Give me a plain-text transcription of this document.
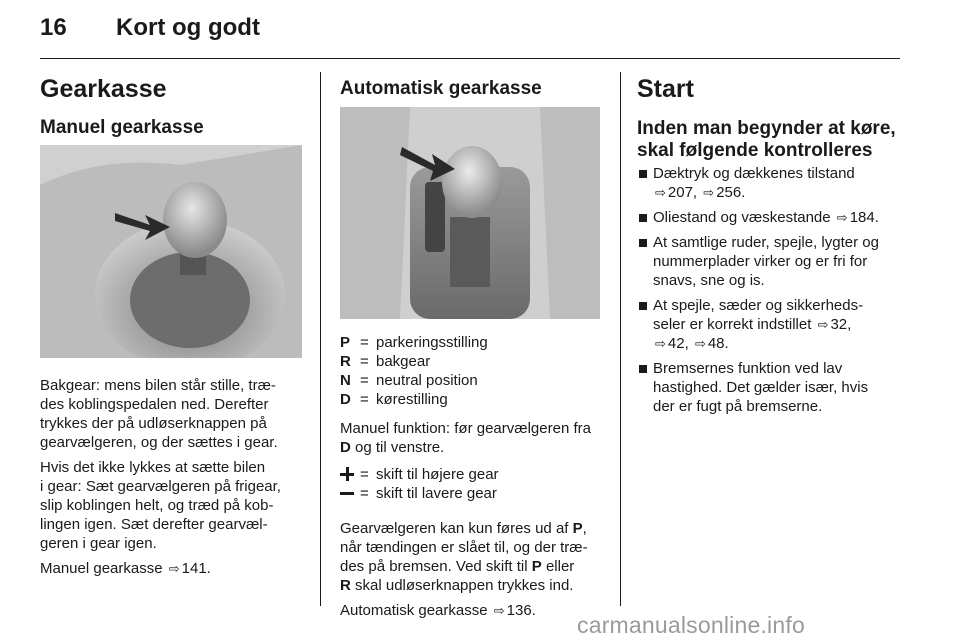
16 Kort og godt
Gearkasse
Manuel gearkasse

Bakgear: mens bilen står stille, træ-
des koblingspedalen ned. Derefter
trykkes der på udløserknappen på
gearvælgeren, og der sættes i gear.

Hvis det ikke lykkes at sætte bilen
i gear: Sæt gearvælgeren på frigear,
slip koblingen helt, og træd på kob-
lingen igen. Sæt derefter gearvæl-
geren i gear igen.

Manuel gearkasse ⇨ 141.

Automatisk gearkasse
P = parkeringsstilling
R = bakgear
N = neutral position
D = kørestilling

Manuel funktion: før gearvælgeren fra
D og til venstre.

= skift til højere gear
= skift til lavere gear

Gearvælgeren kan kun føres ud af P,
når tændingen er slået til, og der træ-
des på bremsen. Ved skift til P eller
R skal udløserknappen trykkes ind.

Automatisk gearkasse ⇨ 136.

Start
Inden man begynder at køre,
skal følgende kontrolleres
Dæktryk og dækkenes tilstand
⇨ 207, ⇨ 256.
Oliestand og væskestande ⇨ 184.
At samtlige ruder, spejle, lygter og
nummerplader virker og er fri for
snavs, sne og is.
At spejle, sæder og sikkerheds-
seler er korrekt indstillet ⇨ 32,
⇨ 42, ⇨ 48.
Bremsernes funktion ved lav
hastighed. Det gælder især, hvis
der er fugt på bremserne.
carmanualsonline.info
